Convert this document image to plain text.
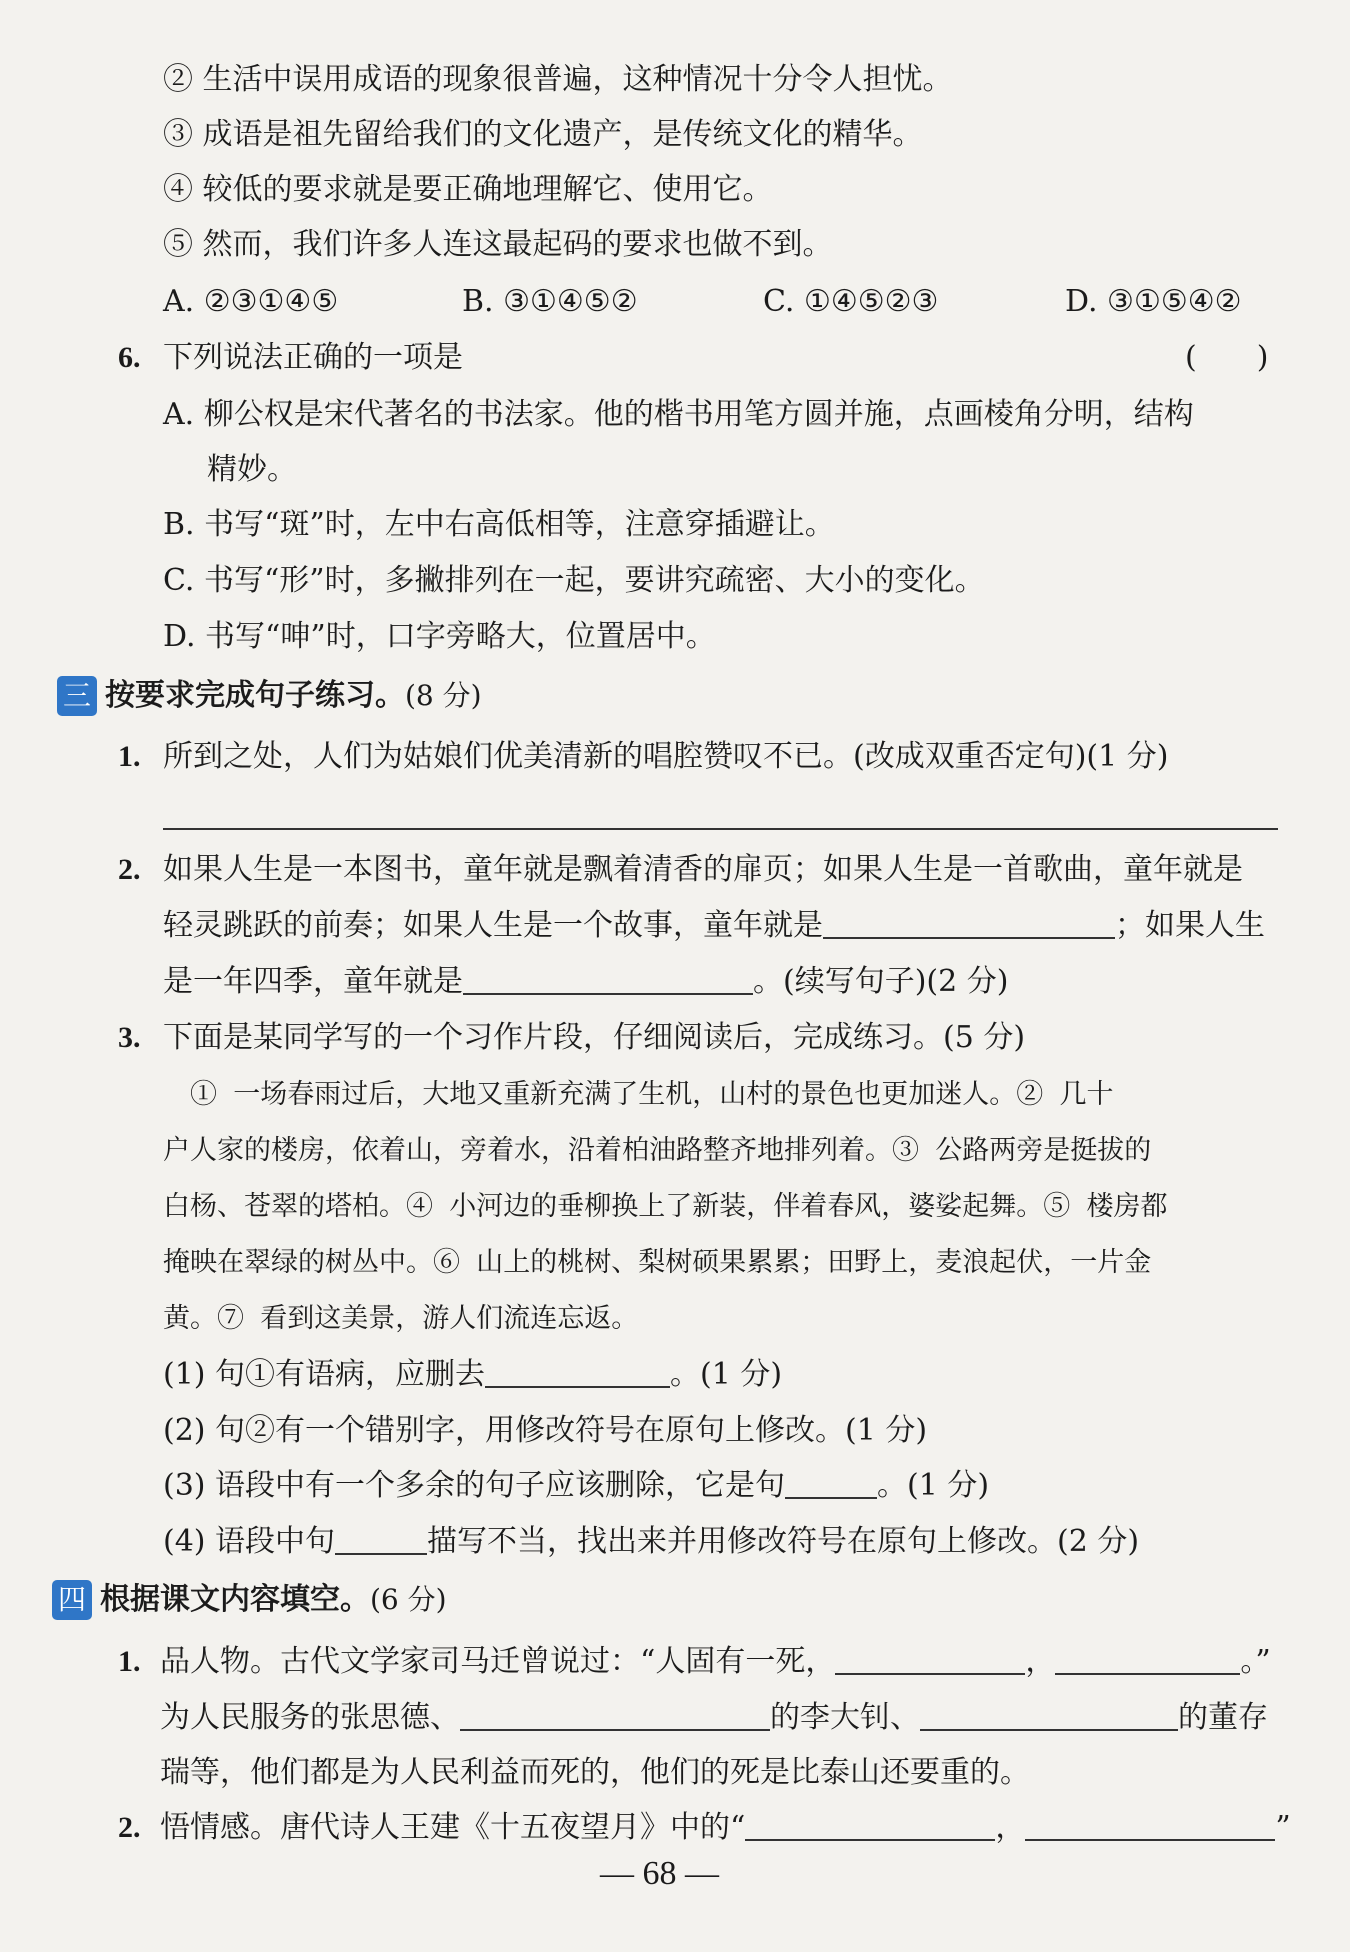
② 生活中误用成语的现象很普遍，这种情况十分令人担忧。
③ 成语是祖先留给我们的文化遗产，是传统文化的精华。
④ 较低的要求就是要正确地理解它、使用它。
⑤ 然而，我们许多人连这最起码的要求也做不到。
A. ②③①④⑤	B. ③①④⑤②	C. ①④⑤②③	D. ③①⑤④②
6. 下列说法正确的一项是	(　　)
A. 柳公权是宋代著名的书法家。他的楷书用笔方圆并施，点画棱角分明，结构
精妙。
B. 书写“斑”时，左中右高低相等，注意穿插避让。
C. 书写“形”时，多撇排列在一起，要讲究疏密、大小的变化。
D. 书写“呻”时，口字旁略大，位置居中。
三 按要求完成句子练习。(8 分)
1. 所到之处，人们为姑娘们优美清新的唱腔赞叹不已。(改成双重否定句)(1 分)
2. 如果人生是一本图书，童年就是飘着清香的扉页；如果人生是一首歌曲，童年就是
轻灵跳跃的前奏；如果人生是一个故事，童年就是	；如果人生
是一年四季，童年就是	。(续写句子)(2 分)
3. 下面是某同学写的一个习作片段，仔细阅读后，完成练习。(5 分)
　① 一场春雨过后，大地又重新充满了生机，山村的景色也更加迷人。② 几十
户人家的楼房，依着山，旁着水，沿着柏油路整齐地排列着。③ 公路两旁是挺拔的
白杨、苍翠的塔柏。④ 小河边的垂柳换上了新装，伴着春风，婆娑起舞。⑤ 楼房都
掩映在翠绿的树丛中。⑥ 山上的桃树、梨树硕果累累；田野上，麦浪起伏，一片金
黄。⑦ 看到这美景，游人们流连忘返。
(1) 句①有语病，应删去	。(1 分)
(2) 句②有一个错别字，用修改符号在原句上修改。(1 分)
(3) 语段中有一个多余的句子应该删除，它是句	。(1 分)
(4) 语段中句	描写不当，找出来并用修改符号在原句上修改。(2 分)
四 根据课文内容填空。(6 分)
1. 品人物。古代文学家司马迁曾说过：“人固有一死，	，	。”
为人民服务的张思德、	的李大钊、	的董存
瑞等，他们都是为人民利益而死的，他们的死是比泰山还要重的。
2. 悟情感。唐代诗人王建《十五夜望月》中的“	，	”
— 68 —
